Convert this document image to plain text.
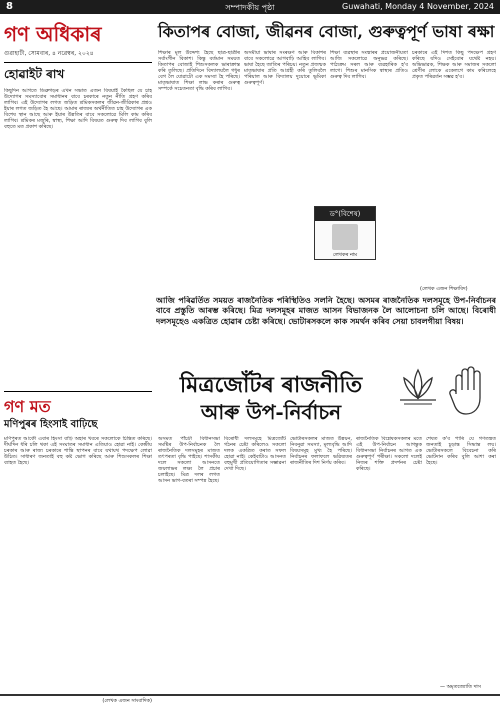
8	সম্পাদকীয় পৃষ্ঠা	Guwahati, Monday 4 November, 2024
গণ অধিকাৰ
গুৱাহাটী, সোমবাৰ, ৪ নৱেম্বৰ, ২০২৪
হোৱাইট ৰাখ
কিছুদিন আগতে ডিব্ৰুগড়ৰ এখন সভাত এজন বিষয়াই কৈছিল যে চাহ উদ্যোগৰ সমস্যাবোৰ সমাধানৰ বাবে চৰকাৰে নতুন নীতি গ্ৰহণ কৰিব লাগিব। এই উদ্যোগৰ লগত জড়িত শ্ৰমিকসকলৰ জীৱন-জীৱিকাৰ প্ৰশ্নও ইয়াৰ লগত জড়িত হৈ আছে। আমাৰ ৰাজ্যৰ অৰ্থনীতিত চাহ উদ্যোগৰ এক বিশেষ স্থান আছে আৰু ইয়াৰ উন্নতিৰ বাবে সকলোৱে মিলি কাম কৰিব লাগিব। শ্ৰমিকৰ মজুৰি, স্বাস্থ্য, শিক্ষা আদি বিষয়ত গুৰুত্ব দিব লাগিব বুলি বহুতে মত প্ৰকাশ কৰিছে।
গণ মত
মণিপুৰৰ হিংসাই বাঢ়িছে
মণিপুৰত আকৌ এবাৰ হিংসা বাঢ়ি অহাৰ খবৰে সকলোকে চিন্তিত কৰিছে। দীৰ্ঘদিন ধৰি চলি থকা এই সংঘাতৰ সমাধান এতিয়াও হোৱা নাই। কেন্দ্ৰীয় চৰকাৰ আৰু ৰাজ্য চৰকাৰে শান্তি স্থাপনৰ বাবে যথাযথ পদক্ষেপ লোৱা উচিত। সাধাৰণ জনতাই বহু কষ্ট ভোগ কৰিছে আৰু শিশুসকলৰ শিক্ষা ব্যাহত হৈছে।
(লেখক এজন সাংবাদিক)
কিতাপৰ বোজা, জীৱনৰ বোজা, গুৰুত্বপূৰ্ণ ভাষা ৰক্ষা
শিক্ষাৰ মূল উদ্দেশ্য হৈছে ছাত্ৰ-ছাত্ৰীৰ সৰ্বাংগীন বিকাশ। কিন্তু বৰ্তমান সময়ত কিতাপৰ বোজাই শিশুসকলক ভাৰাক্ৰান্ত কৰি তুলিছে। প্ৰতিদিনে বিদ্যালয়লৈ গধুৰ বেগ লৈ যোৱাটো এক সমস্যা হৈ পৰিছে। মাতৃভাষাত শিক্ষা লাভ কৰাৰ গুৰুত্ব সম্পৰ্কে সচেতনতা বৃদ্ধি কৰিব লাগিব।
অসমীয়া ভাষাৰ সংৰক্ষণ আৰু বিকাশৰ বাবে সকলোৱে আগবাঢ়ি আহিব লাগিব। ভাষা হৈছে জাতিৰ পৰিচয়। নতুন প্ৰজন্মক মাতৃভাষাৰ প্ৰতি আগ্ৰহী কৰি তুলিবলৈ পৰিয়াল আৰু বিদ্যালয় দুয়োৰে ভূমিকা গুৰুত্বপূৰ্ণ।
শিক্ষা ব্যৱস্থাৰ সংস্কাৰৰ প্ৰয়োজনীয়তা আজি সকলোৱে অনুভৱ কৰিছে। পাঠ্যক্ৰম সৰল আৰু ব্যৱহাৰিক হ'ব লাগে। শিশুৰ মানসিক স্বাস্থ্যৰ প্ৰতিও গুৰুত্ব দিব লাগিব।
চৰকাৰে এই দিশত কিছু পদক্ষেপ গ্ৰহণ কৰিছে যদিও সেইবোৰ যথেষ্ট নহয়। অভিভাৱক, শিক্ষক আৰু সমাজৰ সকলো শ্ৰেণীৰ লোকে একেলগে কাম কৰিলেহে প্ৰকৃত পৰিৱৰ্তন সম্ভৱ হ'ব।
ড°(বিশেষ)
লেখকৰ নাম
(লেখক এজন শিক্ষাবিদ)
আজি পৰিৱৰ্তিত সময়ত ৰাজনৈতিক পৰিস্থিতিও সলনি হৈছে। অসমৰ ৰাজনৈতিক দলসমূহে উপ-নিৰ্বাচনৰ বাবে প্ৰস্তুতি আৰম্ভ কৰিছে। মিত্ৰ দলসমূহৰ মাজত আসন বিভাজনক লৈ আলোচনা চলি আছে। বিৰোধী দলসমূহেও একত্ৰিত হোৱাৰ চেষ্টা কৰিছে। ভোটাৰসকলে কাক সমৰ্থন কৰিব সেয়া চাবলগীয়া বিষয়।
মিত্ৰজোঁটৰ ৰাজনীতি
আৰু উপ-নিৰ্বাচন
অসমত পাঁচটা বিধানসভা সমষ্টিৰ উপ-নিৰ্বাচনক লৈ ৰাজনৈতিক দলসমূহৰ মাজত তৎপৰতা বৃদ্ধি পাইছে। শাসকীয় দলে সকলো আসনতে জয়লাভৰ লক্ষ্য লৈ প্ৰচাৰ চলাইছে। মিত্ৰ দলৰ লগত আসন ভাগ-বতৰা সম্পন্ন হৈছে।
বিৰোধী দলসমূহে মিত্ৰজোঁট গঠনৰ চেষ্টা কৰিলেও সকলো দলক একত্ৰিত কৰাত সফল হোৱা নাই। কেইবাটাও আসনত বহুমুখী প্ৰতিযোগিতাৰ সম্ভাৱনা দেখা দিছে।
ভোটাৰসকলৰ মাজত উন্নয়ন, নিবনুৱা সমস্যা, মূল্যবৃদ্ধি আদি বিষয়সমূহ মুখ্য হৈ পৰিছে। নিৰ্বাচনৰ ফলাফলে ভৱিষ্যতৰ ৰাজনীতিৰ দিশ নিৰ্ণয় কৰিব।
ৰাজনৈতিক বিশ্লেষকসকলৰ মতে এই উপ-নিৰ্বাচন আগন্তুক বিধানসভা নিৰ্বাচনৰ আগত এক গুৰুত্বপূৰ্ণ পৰীক্ষা। সকলো দলেই নিজৰ শক্তি প্ৰদৰ্শনৰ চেষ্টা কৰিছে।
শেষত ক'ব পাৰি যে গণতন্ত্ৰত জনতাই চূড়ান্ত সিদ্ধান্ত লয়। ভোটাৰসকলে বিবেচনা কৰি ভোটদান কৰিব বুলি আশা কৰা হৈছে।
— অমৃতজ্যোতি দাস
